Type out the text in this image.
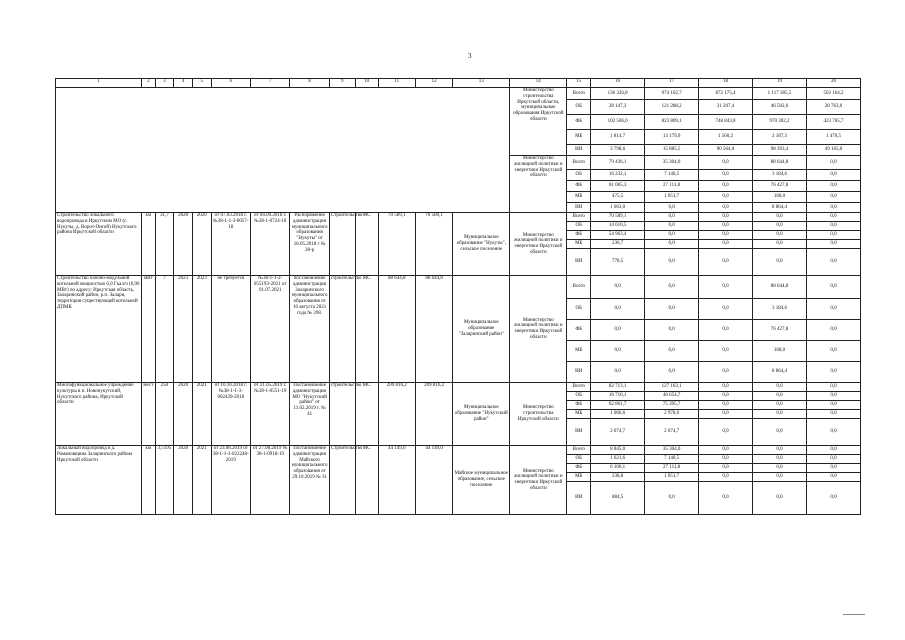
3
1	2	3	4	5	6	7	8	9	10	11	12	13	14	15	16	17	18	19	20
													Министерство строительства Иркутской области, муниципальные образования Иркутской области	Всего	136 326,8	974 162,7	872 175,4	1 117 385,5	503 164,2
														ОБ	28 147,3	121 288,2	31 207,4	46 502,6	28 763,0
														ФБ	102 566,0	823 809,1	748 843,8	970 302,2	423 765,7
														МБ	1 814,7	13 179,9	1 560,2	2 187,3	1 470,5
														ИИ	3 798,6	15 885,5	90 564,0	98 393,4	49 165,0
													Министерство жилищной политики и энергетики Иркутской области	Всего	79 436,1	35 304,0	0,0	88 644,8	0,0
														ОБ	16 232,1	7 140,5	0,0	3 184,6	0,0
														ФБ	61 065,3	27 111,8	0,0	76 427,8	0,0
														МБ	475,5	1 051,7	0,0	168,0	0,0
														ИИ	1 663,0	0,0	0,0	8 864,4	0,0
Строительство локального водопровода в Иркутском МО (с. Нукуты, д. Ворот-Онгой) Нукутского района Иркутской области	км	31,7	2020	2020	от 07.03.2018 г. №38-1-1-3-0057-18	от 04.09.2018 г. №38-1-0724-18	Распоряжение администрации муниципального образования "Нукуты" от 18.05.2018 г № 28-р	Строительство	МС	70 589,1	70 589,1	Муниципальное образование "Нукуты", сельское поселение	Министерство жилищной политики и энергетики Иркутской области	Всего	70 589,1	0,0	0,0	0,0	0,0
														ОБ	14 610,5	0,0	0,0	0,0	0,0
														ФБ	54 963,4	0,0	0,0	0,0	0,0
														МБ	236,7	0,0	0,0	0,0	0,0
														ИИ	778,5	0,0	0,0	0,0	0,0
Строительство блочно-модульной котельной мощностью 6,0 Гкал/ч (6,96 МВт) по адресу: Иркутская область, Заларинский район, р.п. Залари, территория существующей котельной ДПМК	мВт	7	2023	2023	не требуется	№38-1-1-2-055193-2021 от 01.07.2021	постановление администрации Заларинского муниципального образования от 10 августа 2021 года № 398.	строительство	МС	88 644,8	88 644,8	Муниципальное образование "Заларинский район"	Министерство жилищной политики и энергетики Иркутской области	Всего	0,0	0,0	0,0	88 644,8	0,0
														ОБ	0,0	0,0	0,0	3 184,6	0,0
														ФБ	0,0	0,0	0,0	76 427,8	0,0
														МБ	0,0	0,0	0,0	168,0	0,0
														ИИ	0,0	0,0	0,0	8 864,4	0,0
Многофункциональное учреждение культуры в п. Новонукутский, Нукутского района, Иркутской области	мест	250	2020	2021	от 10.10.2018 г. №38-1-1-3-002439-2018	от 21.05.2019 г. №38-1-0551-19	Постановление администрации МО "Нукутский район" от 11.02.2019 г. № 41	строительство	МС	209 816,2	209 816,2	Муниципальное образование "Нукутский район"	Министерство строительства Иркутской области	Всего	82 713,1	127 103,1	0,0	0,0	0,0
														ОБ	16 710,1	46 654,7	0,0	0,0	0,0
														ФБ	62 861,7	75 395,7	0,0	0,0	0,0
														МБ	1 066,6	2 978,0	0,0	0,0	0,0
														ИИ	2 074,7	2 074,7	0,0	0,0	0,0
Локальный водопровод в д. Романовщина Заларинского района Иркутской области	км	3,5195	2020	2021	от 23.08.2019 от 38-1-1-3-022248-2019	от 27.08.2019 № 38-1-0918-19	Постановление администрации Майского муниципального образования от 29.10.2019 № 31	Строительство	МС	44 149,0	44 149,0	Майское муниципальное образование, сельское поселение	Министерство жилищной политики и энергетики Иркутской области	Всего	8 845,0	35 304,0	0,0	0,0	0,0
														ОБ	1 621,6	7 140,5	0,0	0,0	0,0
														ФБ	6 100,1	27 111,8	0,0	0,0	0,0
														МБ	238,8	1 051,7	0,0	0,0	0,0
														ИИ	884,5	0,0	0,0	0,0	0,0
